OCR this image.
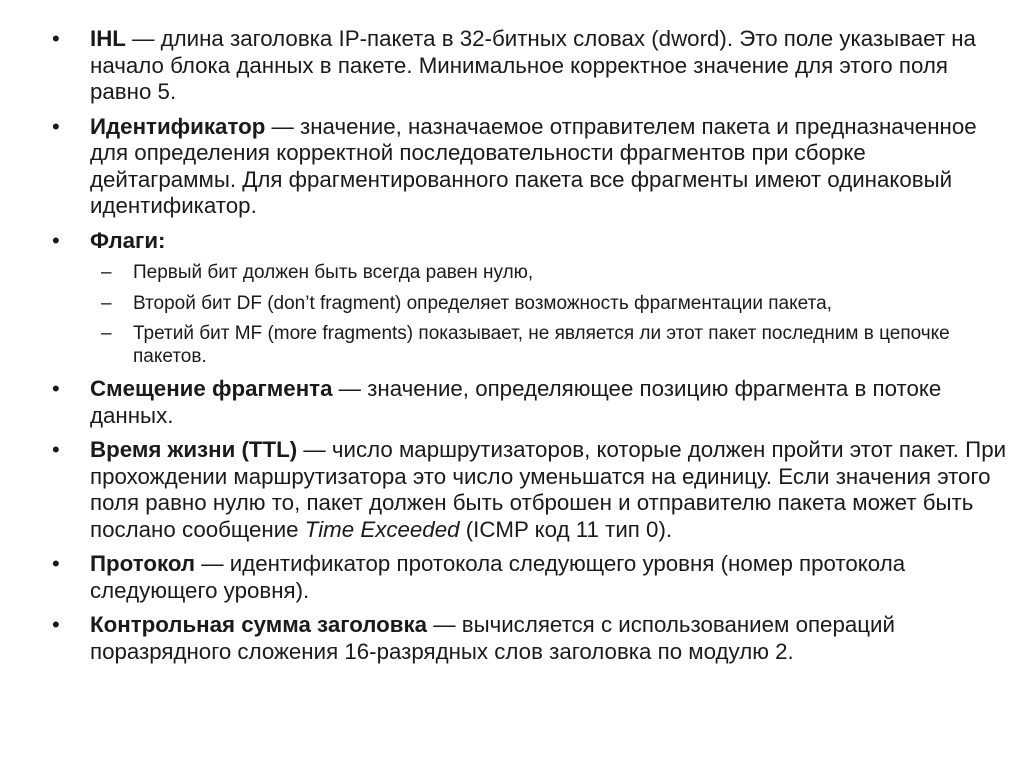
• IHL — длина заголовка IP-пакета в 32-битных словах (dword). Это поле указывает на начало блока данных в пакете. Минимальное корректное значение для этого поля равно 5.
• Идентификатор — значение, назначаемое отправителем пакета и предназначенное для определения корректной последовательности фрагментов при сборке дейтаграммы. Для фрагментированного пакета все фрагменты имеют одинаковый идентификатор.
• Флаги:
– Первый бит должен быть всегда равен нулю,
– Второй бит DF (don’t fragment) определяет возможность фрагментации пакета,
– Третий бит MF (more fragments) показывает, не является ли этот пакет последним в цепочке пакетов.
• Смещение фрагмента — значение, определяющее позицию фрагмента в потоке данных.
• Время жизни (TTL) — число маршрутизаторов, которые должен пройти этот пакет. При прохождении маршрутизатора это число уменьшатся на единицу. Если значения этого поля равно нулю то, пакет должен быть отброшен и отправителю пакета может быть послано сообщение Time Exceeded (ICMP код 11 тип 0).
• Протокол — идентификатор протокола следующего уровня (номер протокола следующего уровня).
• Контрольная сумма заголовка — вычисляется с использованием операций поразрядного сложения 16-разрядных слов заголовка по модулю 2.
